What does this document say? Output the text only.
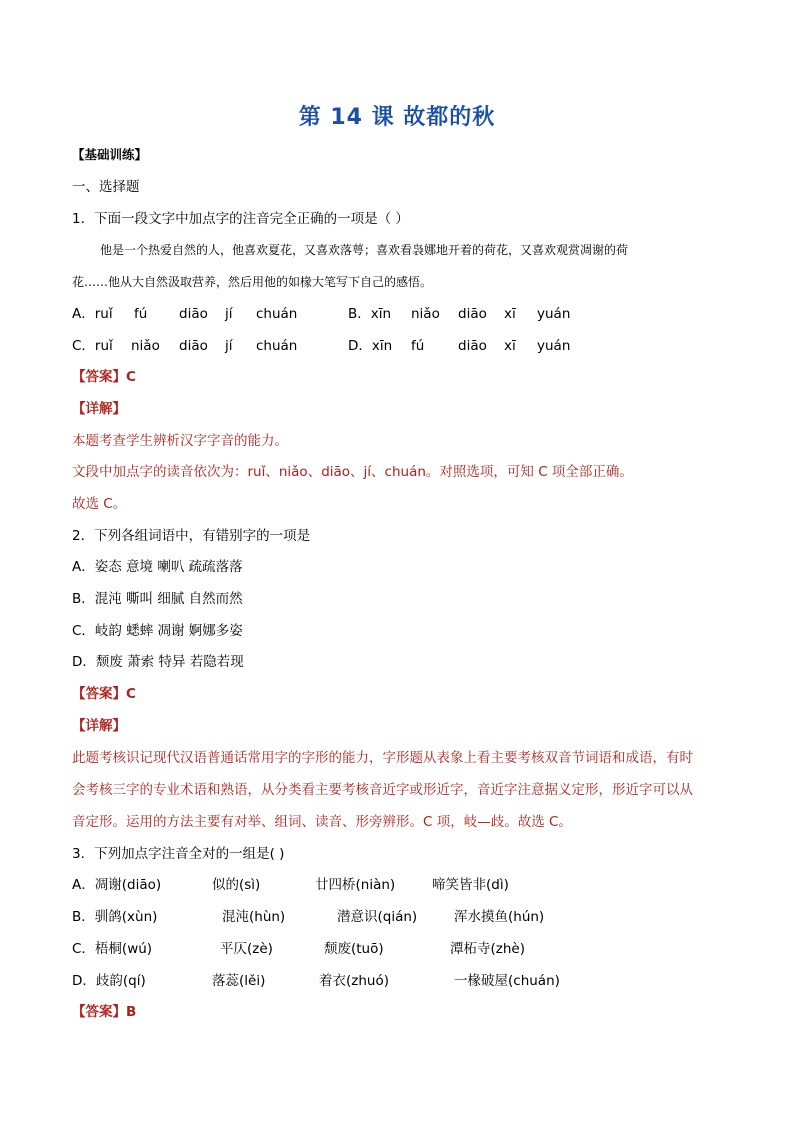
第 14 课 故都的秋
【基础训练】
一、选择题
1．下面一段文字中加点字的注音完全正确的一项是（ ）
他是一个热爱自然的人，他喜欢夏花，又喜欢落萼；喜欢看袅娜地开着的荷花，又喜欢观赏凋谢的荷
花……他从大自然汲取营养，然后用他的如椽大笔写下自己的感悟。
A．ruǐ fú diāo jí chuán	B．xīn niǎo diāo xī yuán
C．ruǐ niǎo diāo jí chuán	D．xīn fú diāo xī yuán
【答案】C
【详解】
本题考查学生辨析汉字字音的能力。
文段中加点字的读音依次为：ruǐ、niǎo、diāo、jí、chuán。对照选项，可知 C 项全部正确。
故选 C。
2．下列各组词语中，有错别字的一项是
A．姿态 意境 喇叭 疏疏落落
B．混沌 嘶叫 细腻 自然而然
C．岐韵 蟋蟀 凋谢 婀娜多姿
D．颓废 萧索 特异 若隐若现
【答案】C
【详解】
此题考核识记现代汉语普通话常用字的字形的能力，字形题从表象上看主要考核双音节词语和成语，有时
会考核三字的专业术语和熟语，从分类看主要考核音近字或形近字，音近字注意据义定形，形近字可以从
音定形。运用的方法主要有对举、组词、读音、形旁辨形。C 项，岐—歧。故选 C。
3．下列加点字注音全对的一组是( )
A．凋谢(diāo)	似的(sì)	廿四桥(niàn)	啼笑皆非(dì)
B．驯鸽(xùn)	混沌(hùn)	潜意识(qián)	浑水摸鱼(hún)
C．梧桐(wú)	平仄(zè)	颓废(tuō)	潭柘寺(zhè)
D．歧韵(qí)	落蕊(lěi)	着衣(zhuó)	一椽破屋(chuán)
【答案】B
